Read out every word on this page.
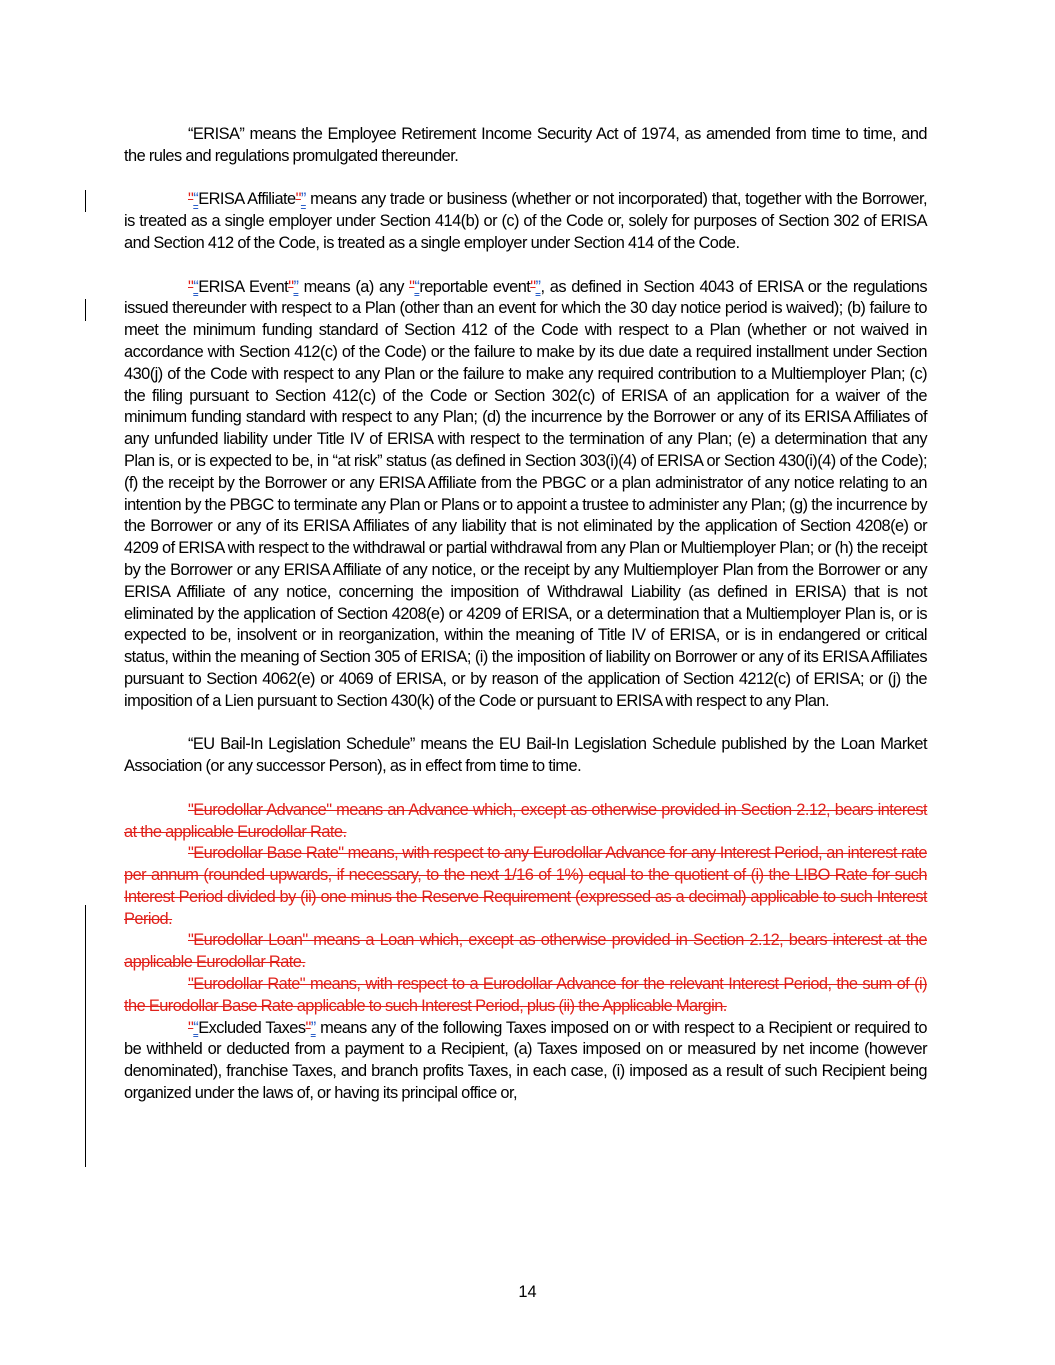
“ERISA” means the Employee Retirement Income Security Act of 1974, as amended from time to time, and the rules and regulations promulgated thereunder.

"“ERISA Affiliate"” means any trade or business (whether or not incorporated) that, together with the Borrower, is treated as a single employer under Section 414(b) or (c) of the Code or, solely for purposes of Section 302 of ERISA and Section 412 of the Code, is treated as a single employer under Section 414 of the Code.

"“ERISA Event"” means (a) any "“reportable event"”, as defined in Section 4043 of ERISA or the regulations issued thereunder with respect to a Plan (other than an event for which the 30 day notice period is waived); (b) failure to meet the minimum funding standard of Section 412 of the Code with respect to a Plan (whether or not waived in accordance with Section 412(c) of the Code) or the failure to make by its due date a required installment under Section 430(j) of the Code with respect to any Plan or the failure to make any required contribution to a Multiemployer Plan; (c) the filing pursuant to Section 412(c) of the Code or Section 302(c) of ERISA of an application for a waiver of the minimum funding standard with respect to any Plan; (d) the incurrence by the Borrower or any of its ERISA Affiliates of any unfunded liability under Title IV of ERISA with respect to the termination of any Plan; (e) a determination that any Plan is, or is expected to be, in “at risk” status (as defined in Section 303(i)(4) of ERISA or Section 430(i)(4) of the Code); (f) the receipt by the Borrower or any ERISA Affiliate from the PBGC or a plan administrator of any notice relating to an intention by the PBGC to terminate any Plan or Plans or to appoint a trustee to administer any Plan; (g) the incurrence by the Borrower or any of its ERISA Affiliates of any liability that is not eliminated by the application of Section 4208(e) or 4209 of ERISA with respect to the withdrawal or partial withdrawal from any Plan or Multiemployer Plan; or (h) the receipt by the Borrower or any ERISA Affiliate of any notice, or the receipt by any Multiemployer Plan from the Borrower or any ERISA Affiliate of any notice, concerning the imposition of Withdrawal Liability (as defined in ERISA) that is not eliminated by the application of Section 4208(e) or 4209 of ERISA, or a determination that a Multiemployer Plan is, or is expected to be, insolvent or in reorganization, within the meaning of Title IV of ERISA, or is in endangered or critical status, within the meaning of Section 305 of ERISA; (i) the imposition of liability on Borrower or any of its ERISA Affiliates pursuant to Section 4062(e) or 4069 of ERISA, or by reason of the application of Section 4212(c) of ERISA; or (j) the imposition of a Lien pursuant to Section 430(k) of the Code or pursuant to ERISA with respect to any Plan.

“EU Bail-In Legislation Schedule” means the EU Bail-In Legislation Schedule published by the Loan Market Association (or any successor Person), as in effect from time to time.

"Eurodollar Advance" means an Advance which, except as otherwise provided in Section 2.12, bears interest at the applicable Eurodollar Rate.

"Eurodollar Base Rate" means, with respect to any Eurodollar Advance for any Interest Period, an interest rate per annum (rounded upwards, if necessary, to the next 1/16 of 1%) equal to the quotient of (i) the LIBO Rate for such Interest Period divided by (ii) one minus the Reserve Requirement (expressed as a decimal) applicable to such Interest Period.

"Eurodollar Loan" means a Loan which, except as otherwise provided in Section 2.12, bears interest at the applicable Eurodollar Rate.

"Eurodollar Rate" means, with respect to a Eurodollar Advance for the relevant Interest Period, the sum of (i) the Eurodollar Base Rate applicable to such Interest Period, plus (ii) the Applicable Margin.

"“Excluded Taxes"” means any of the following Taxes imposed on or with respect to a Recipient or required to be withheld or deducted from a payment to a Recipient, (a) Taxes imposed on or measured by net income (however denominated), franchise Taxes, and branch profits Taxes, in each case, (i) imposed as a result of such Recipient being organized under the laws of, or having its principal office or,

14
